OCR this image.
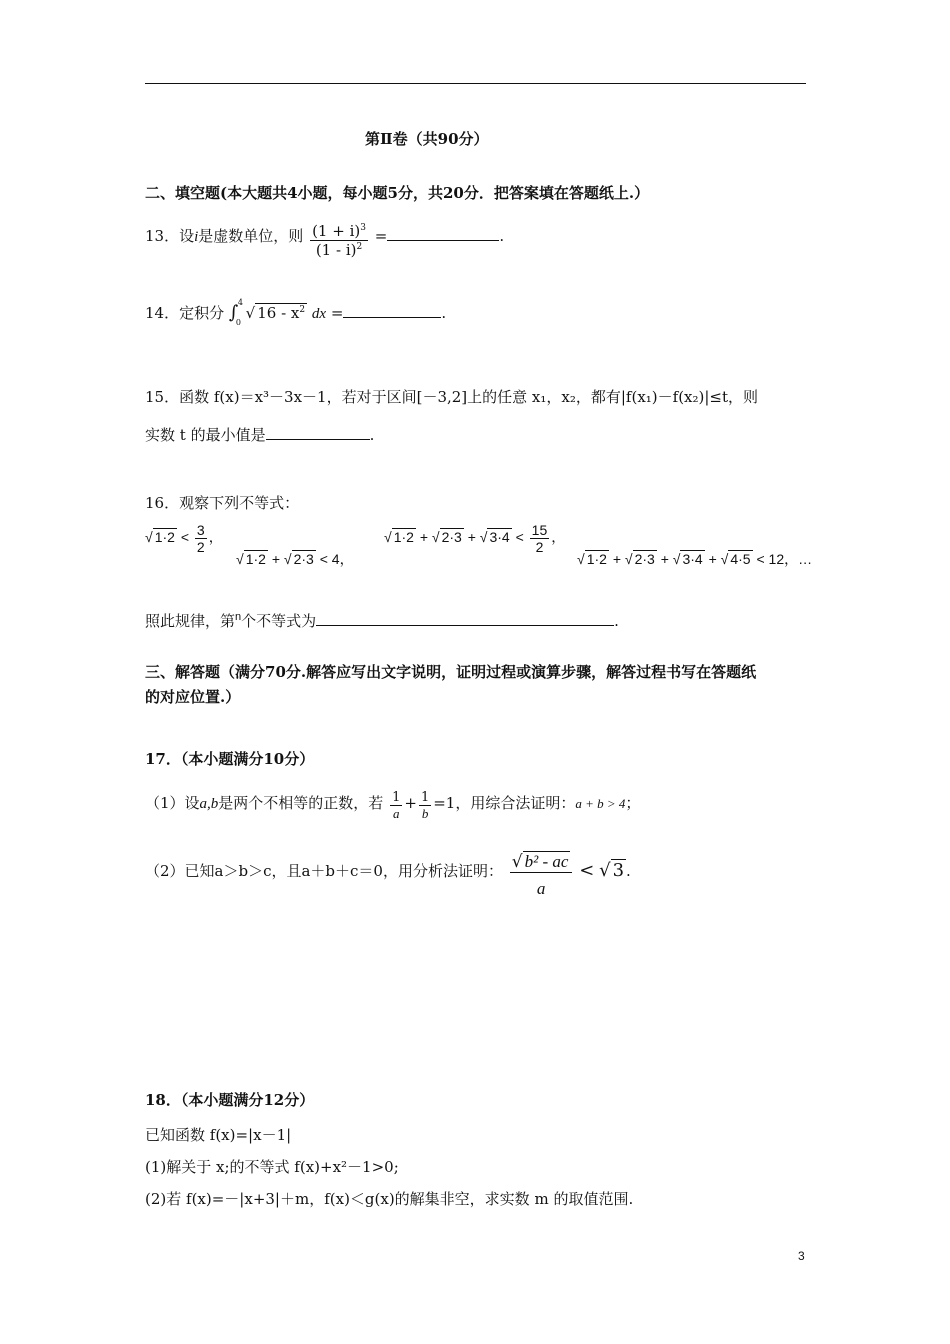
第Ⅱ卷（共90分）
二、填空题(本大题共4小题，每小题5分，共20分．把答案填在答题纸上.）
13．设i是虚数单位，则 $\frac{(1 + i)^3}{(1 - i)^2}$ =	.
14．定积分 ∫ 4
0
√ $16 - x^2$ dx =	.
15．函数 f(x)＝x³－3x－1，若对于区间[－3,2]上的任意 x₁，x₂，都有|f(x₁)－f(x₂)|≤t，则
实数 t 的最小值是	.
16．观察下列不等式：
√ $1\cdot 2 < \frac{3}{2}$ ，
√ 1·2 + √ 2·3 < 4，
√ 1·2 + √ 2·3 + √ $3\cdot 4 < \frac{15}{2}$ ，
√ 1·2 + √ 2·3 + √ 3·4 + √ 4·5 < 12，…
照此规律，第$^n$个不等式为	.
三、解答题（满分70分.解答应写出文字说明，证明过程或演算步骤，解答过程书写在答题纸
的对应位置.）
17．（本小题满分10分）
（1）设a,b是两个不相等的正数，若 $\frac{1}{a} + \frac{1}{b} =1$，用综合法证明：a + b > 4；
（2）已知a＞b＞c，且a＋b＋c＝0，用分析法证明： $\frac{\text{√ b² - ac}}{a}$ < √ 3 .
18．（本小题满分12分）
已知函数 f(x)=|x－1|
(1)解关于 x;的不等式 f(x)+x²－1>0;
(2)若 f(x)=－|x+3|＋m，f(x)＜g(x)的解集非空，求实数 m 的取值范围.
3
